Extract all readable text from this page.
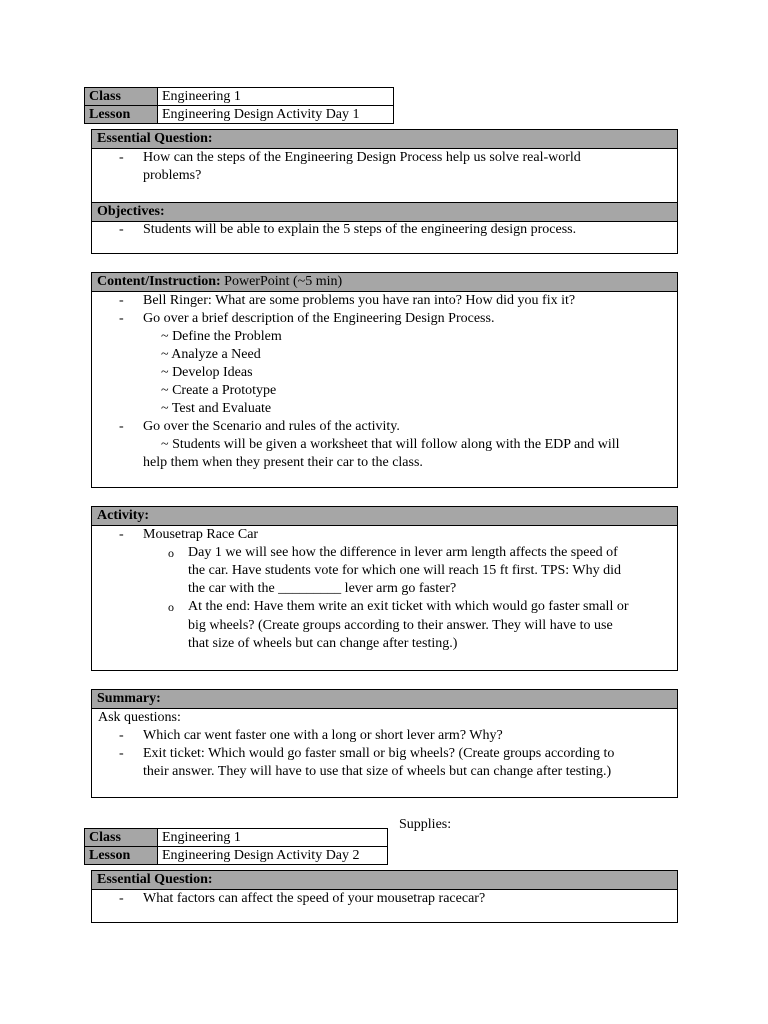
Class	Engineering 1
Lesson	Engineering Design Activity Day 1
Essential Question:
- How can the steps of the Engineering Design Process help us solve real-world
problems?
Objectives:
- Students will be able to explain the 5 steps of the engineering design process.
Content/Instruction: PowerPoint (~5 min)
- Bell Ringer: What are some problems you have ran into? How did you fix it?
- Go over a brief description of the Engineering Design Process.
~ Define the Problem
~ Analyze a Need
~ Develop Ideas
~ Create a Prototype
~ Test and Evaluate
- Go over the Scenario and rules of the activity.
~ Students will be given a worksheet that will follow along with the EDP and will
help them when they present their car to the class.
Activity:
- Mousetrap Race Car
o Day 1 we will see how the difference in lever arm length affects the speed of
the car. Have students vote for which one will reach 15 ft first. TPS: Why did
the car with the _________ lever arm go faster?
o At the end: Have them write an exit ticket with which would go faster small or
big wheels? (Create groups according to their answer. They will have to use
that size of wheels but can change after testing.)
Summary:
Ask questions:
- Which car went faster one with a long or short lever arm? Why?
- Exit ticket: Which would go faster small or big wheels? (Create groups according to
their answer. They will have to use that size of wheels but can change after testing.)
Supplies:
Class	Engineering 1
Lesson	Engineering Design Activity Day 2
Essential Question:
- What factors can affect the speed of your mousetrap racecar?
